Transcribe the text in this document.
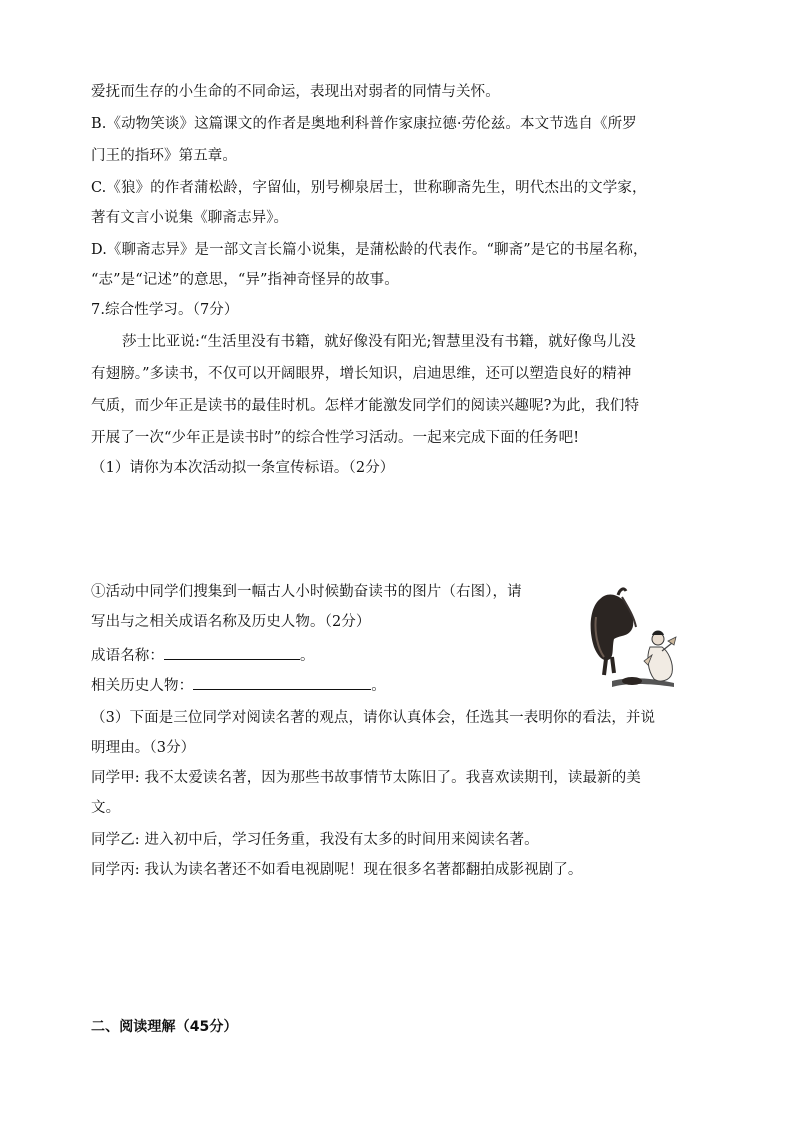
爱抚而生存的小生命的不同命运，表现出对弱者的同情与关怀。
B.《动物笑谈》这篇课文的作者是奥地利科普作家康拉德·劳伦兹。本文节选自《所罗
门王的指环》第五章。
C.《狼》的作者蒲松龄，字留仙，别号柳泉居士，世称聊斋先生，明代杰出的文学家，
著有文言小说集《聊斋志异》。
D.《聊斋志异》是一部文言长篇小说集，是蒲松龄的代表作。“聊斋”是它的书屋名称，
“志”是“记述”的意思，“异”指神奇怪异的故事。
7.综合性学习。（7分）
莎士比亚说:“生活里没有书籍，就好像没有阳光;智慧里没有书籍，就好像鸟儿没
有翅膀。”多读书，不仅可以开阔眼界，增长知识，启迪思维，还可以塑造良好的精神
气质，而少年正是读书的最佳时机。怎样才能激发同学们的阅读兴趣呢?为此，我们特
开展了一次“少年正是读书时”的综合性学习活动。一起来完成下面的任务吧!
（1）请你为本次活动拟一条宣传标语。（2分）
①活动中同学们搜集到一幅古人小时候勤奋读书的图片（右图），请
写出与之相关成语名称及历史人物。（2分）
成语名称：	。
相关历史人物：	。
（3）下面是三位同学对阅读名著的观点，请你认真体会，任选其一表明你的看法，并说
明理由。（3分）
同学甲: 我不太爱读名著，因为那些书故事情节太陈旧了。我喜欢读期刊，读最新的美
文。
同学乙: 进入初中后，学习任务重，我没有太多的时间用来阅读名著。
同学丙: 我认为读名著还不如看电视剧呢！现在很多名著都翻拍成影视剧了。
二、阅读理解（45分）
